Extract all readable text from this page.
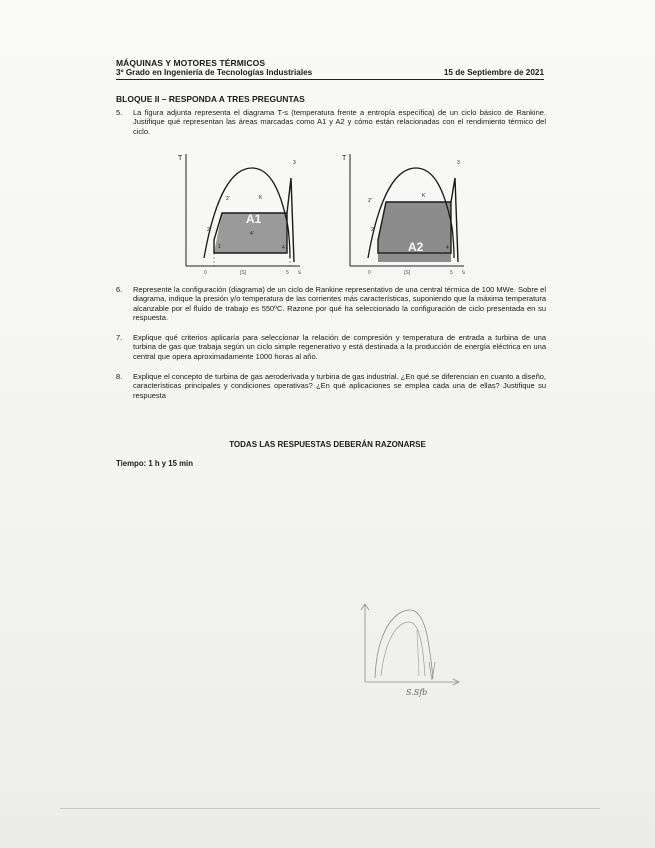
MÁQUINAS Y MOTORES TÉRMICOS
3º Grado en Ingeniería de Tecnologías Industriales	15 de Septiembre de 2021
BLOQUE II – RESPONDA A TRES PREGUNTAS
5.	La figura adjunta representa el diagrama T-s (temperatura frente a entropía específica) de un ciclo básico de Rankine. Justifique qué representan las áreas marcadas como A1 y A2 y cómo están relacionadas con el rendimiento térmico del ciclo.
T
s
A1
1
2
2'
3
4
4'
K
0	[S]	5
T
s
A2
2'
2
3
4
K
0	[S]	5
6.	Represente la configuración (diagrama) de un ciclo de Rankine representativo de una central térmica de 100 MWe. Sobre el diagrama, indique la presión y/o temperatura de las corrientes más características, suponiendo que la máxima temperatura alcanzable por el fluido de trabajo es 550ºC. Razone por qué ha seleccionado la configuración de ciclo presentada en su respuesta.
7.	Explique qué criterios aplicaría para seleccionar la relación de compresión y temperatura de entrada a turbina de una turbina de gas que trabaja según un ciclo simple regenerativo y está destinada a la producción de energía eléctrica en una central que opera aproximadamente 1000 horas al año.
8.	Explique el concepto de turbina de gas aeroderivada y turbina de gas industrial. ¿En qué se diferencian en cuanto a diseño, características principales y condiciones operativas? ¿En qué aplicaciones se emplea cada una de ellas? Justifique su respuesta
TODAS LAS RESPUESTAS DEBERÁN RAZONARSE
Tiempo: 1 h y 15 min
S.Sfb
